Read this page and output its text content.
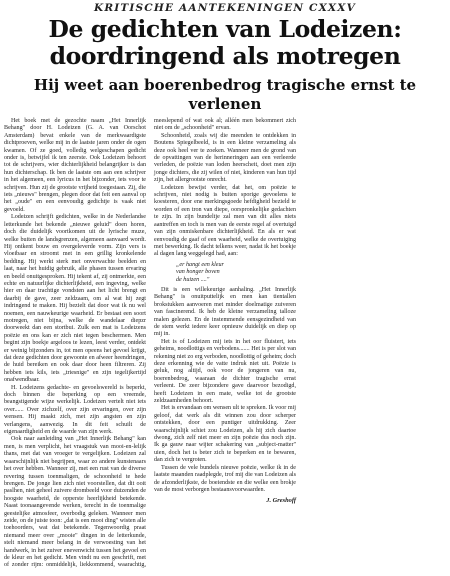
KRITISCHE AANTEKENINGEN CXXXV
De gedichten van Lodeizen: doordringend als motregen
Hij weet aan boerenbedrog tragische ernst te verlenen

Het boek met de gezochte naam „Het Innerlijk Behang" door H. Lodeizen (G. A. van Oorschot Amsterdam) bevat enkele van de merkwaardigste dichtproeven, welke mij in de laatste jaren onder de ogen kwamen. Of ze goed, volledig welgeschapen gedicht onder is, betwijfel ik ten zeerste. Ook Lodeizen behoort tot de schrijvers, wier dichterlijkheid belangrijker is dan hun dichterschap. Ik ben de laatste om aan een schrijver in het algemeen, een lyricus in het bijzonder, iets voor te schrijven. Hun zij de grootste vrijheid toegestaan. Zij, die iets „nieuws" brengen, plegen door dat feit een aanval op het „oude" en een eenvoudig gedichtje is vaak niet gevoeld.

Lodeizen schrijft gedichten, welke in de Nederlandse letterkunde het bekende „nieuwe geluid" doen horen, doch die duidelijk voortkomen uit de lyrische muze, welke buiten de landsgrenzen, algemeen aanvaard wordt. Hij ontkent bouw en overgeleverde vorm. Zijn vers is vloeibaar en stroomt met in een grillig kronkelende bedding. Hij werkt sterk met onverwachte beelden en laat, naar het huidig gebruik, alle phasen tussen ervaring en beeld onuitgesproken. Hij tekent af, zij ontmerkte, een echte en natuurlijke dichterlijkheid, een ingeving, welke hier en daar trachtige vondsten aan het licht brengt en daarbij de gave, zeer zeldzaam, om al wat hij zegt indringend te maken. Hij bezielt dat door wat ik nu wel noemen, een nauwkeurige waarheid. Er bestaat een soort motregen, niet bijna, welke de wandelaar diepzr doorweekt dan een stortbui. Zulk een mat is Lodeizens poëzie en ons kan er zich niet tegen beschermen. Men begint zijn boekje argeloos te lezen, leest verder, ontdekt er weinig bijzonders in, tot men opeens het gevoel krijgt, dat deze gedichten door gewoonte en afweer heendringen, de huid bereiken en ook daar door heen filtreren. Zij hebben iets kils, iets „triesnige" en zijn tegelijkertijd onafwendbaar.

H. Lodeizens gedachte- en gevoelswereld is beperkt, doch binnen die beperking op een vreemde, beangstigende wijze werkelijk. Lodeizen vertelt niet iets over...... Over zichzelf, over zijn ervaringen, over zijn wensen. Hij maakt zich, met zijn angsten en zijn verlangens, aanwezig. In dit feit schuilt de eigenaardigheid en de waarde van zijn werk.

Ook naar aanleiding van „Het Innerlijk Behang" kan men, is men verplicht, het vraagstuk van mooi-en-lelijk thans, met dat van vroeger te vergelijken. Lodeizen zal waarschijnlijk niet begrijpen, waar zo andere kunstenaars het over hebben. Wanneer zij, met een rust van de diverse revering tussen toenmaligen, de schoonheid te hede brengen. De jonge lien zich niet voorstellen, dat dit ooit paslhen, niet geheel zuivere drombeeld voor duizenden de hoogste waarheid, de opperste heerlijkheid betekende. Naast toonaangevende werken, terecht in de toenmalige geestelijke atmosfeer, overbodig geleken. Wanneer men zeide, on de juiste toon: „dat is een mooi ding" wisten alle toehoorders, wat dat betekende. Tegenwoordig praat niemand meer over „mooie" dingen in de letterkunde, stelt niemand meer belang in de verwoesting van het handwerk, in het zuiver enevenwicht tussen het gevoel en de kleur en het gedicht. Men vindt nu een geschrift, met of zonder rijm: onmiddelijk, liekkommend, waarachtig, meeslepend of wat ook al; alléén men bekommert zich niet om de „schoonheid" ervan.

Schoonheid, zoals wij die meenden te ontdekken in Boutens Spiegelbeeld, is in een kleine verzameling als deze ook heel ver te zoeken. Wanneer men de grond van de opvattingen van de herinneringen aan een verleerde verleden, de poëzie van loden heerscheit, doet men zijn jonge dichters, die zij wilen of niet, kinderen van hun tijd zijn, het allergrootste onrecht.

Lodeizen bewijst verder, dat het, om poëzie te schrijven, niet nodig is buiten sporige gevoelens te koesteren, door ene merkingsgoede hefdigheid bezield te worden of een tron van diepe, oorspronkelijke gedachten te zijn. In zijn bundeltje zal men van dit alles niets aantreffen en toch is men van de eerste regel af overtuigd van zijn onmiskenbare dichterlijkheid. En als er wat eenvoudig de gaaf of een waarheid, welke de overtuiging met bewerking. Ik dacht telkens weer, nadat ik het boekje al dagen lang weggelegd had, aan:

„er hangt een kleur
van honger boven
de huizen ...."

Dit is een willekeurige aanhaling. „Het Innerlijk Behang" is onuitputtelijk en men kan tientallen brokstukken aanvoeren met minder doelmatige zuiveren van fascinerend. Ik heb de kleine verzameling talloze malen gelezen. En de instemmende eensgezindheid van de stem werkt iedere keer opnieuw duidelijk en diep op mij in.

Het is of Lodeizen mij iets in het oor fluistert, iets geheims, noodlottigs en verbodens....... Het is per slot van rekening niet zo erg verboden, noodlottig of geheim; doch deze erkenning wie de vatte indruk niet uit. Poëzie is geluk, nog altijd, ook voor de jongeren van nu, boerenbedrog, waaraan de dichter tragische ernst verleent. De zeer bijzondere gave daarvoor bezodigd, heeft Lodeizen in een mate, welke tot de grootste zeldzaamheden behoort.

Het is ervandaan om wensen ult te spreken. Ik voor mij geloof, dat werk als dit winnen zou door scherper ontstekken, door een puntiger uitdrukking. Zeer waarschijnlijk schiet zou Lodeizen, als hij zich daartoe dwong, zich zelf niet meer en zijn poëzie dus noch zijn. Ik ga gauw naar wijter schakering van „subject-matter" uien, doch het is beter zich te beperken en te bewaren, dan zich te vergroten.

Tussen de vele bundels nieuwe poëzie, welke ik in de laatste maanden raadplegde, trof mij die van Lodeizen als de afzonderlijkste, de boeiendste en die welke een brokje van de most verborgen bestaansvoorwaarden.

J. Greshoff
